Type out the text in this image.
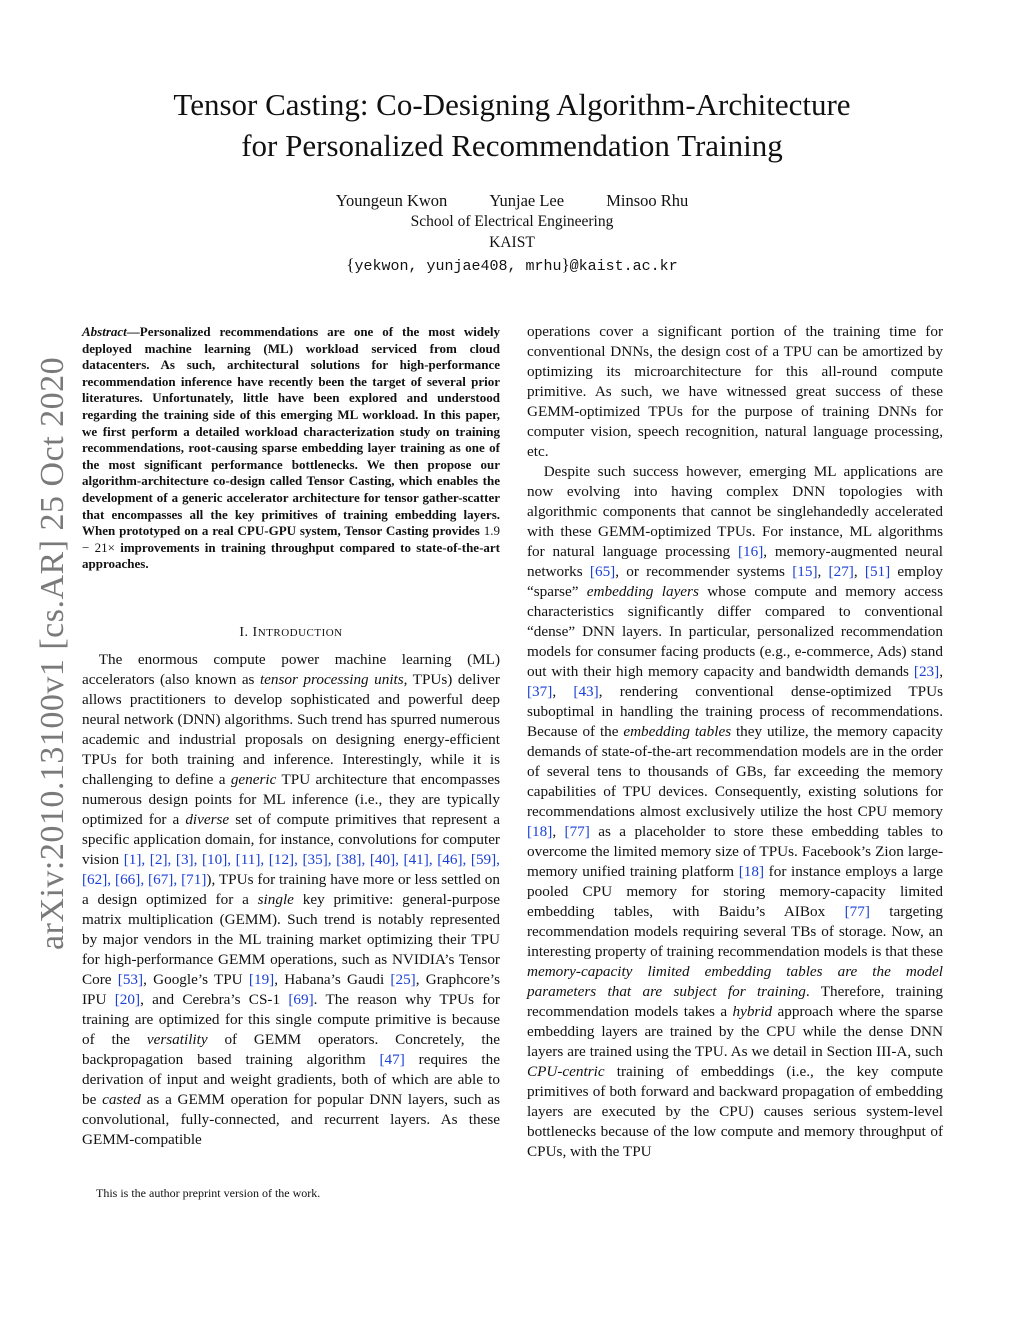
Tensor Casting: Co-Designing Algorithm-Architecture
for Personalized Recommendation Training
Youngeun Kwon	Yunjae Lee	Minsoo Rhu
School of Electrical Engineering
KAIST
{yekwon, yunjae408, mrhu}@kaist.ac.kr
arXiv:2010.13100v1 [cs.AR] 25 Oct 2020
Abstract—Personalized recommendations are one of the most widely deployed machine learning (ML) workload serviced from cloud datacenters. As such, architectural solutions for high-performance recommendation inference have recently been the target of several prior literatures. Unfortunately, little have been explored and understood regarding the training side of this emerging ML workload. In this paper, we first perform a detailed workload characterization study on training recommendations, root-causing sparse embedding layer training as one of the most significant performance bottlenecks. We then propose our algorithm-architecture co-design called Tensor Casting, which enables the development of a generic accelerator architecture for tensor gather-scatter that encompasses all the key primitives of training embedding layers. When prototyped on a real CPU-GPU system, Tensor Casting provides 1.9 − 21× improvements in training throughput compared to state-of-the-art approaches.
I. INTRODUCTION

The enormous compute power machine learning (ML) accelerators (also known as tensor processing units, TPUs) deliver allows practitioners to develop sophisticated and powerful deep neural network (DNN) algorithms. Such trend has spurred numerous academic and industrial proposals on designing energy-efficient TPUs for both training and inference. Interestingly, while it is challenging to define a generic TPU architecture that encompasses numerous design points for ML inference (i.e., they are typically optimized for a diverse set of compute primitives that represent a specific application domain, for instance, convolutions for computer vision [1], [2], [3], [10], [11], [12], [35], [38], [40], [41], [46], [59], [62], [66], [67], [71]), TPUs for training have more or less settled on a design optimized for a single key primitive: general-purpose matrix multiplication (GEMM). Such trend is notably represented by major vendors in the ML training market optimizing their TPU for high-performance GEMM operations, such as NVIDIA’s Tensor Core [53], Google’s TPU [19], Habana’s Gaudi [25], Graphcore’s IPU [20], and Cerebra’s CS-1 [69]. The reason why TPUs for training are optimized for this single compute primitive is because of the versatility of GEMM operators. Concretely, the backpropagation based training algorithm [47] requires the derivation of input and weight gradients, both of which are able to be casted as a GEMM operation for popular DNN layers, such as convolutional, fully-connected, and recurrent layers. As these GEMM-compatible

This is the author preprint version of the work.

operations cover a significant portion of the training time for conventional DNNs, the design cost of a TPU can be amortized by optimizing its microarchitecture for this all-round compute primitive. As such, we have witnessed great success of these GEMM-optimized TPUs for the purpose of training DNNs for computer vision, speech recognition, natural language processing, etc.

Despite such success however, emerging ML applications are now evolving into having complex DNN topologies with algorithmic components that cannot be singlehandedly accelerated with these GEMM-optimized TPUs. For instance, ML algorithms for natural language processing [16], memory-augmented neural networks [65], or recommender systems [15], [27], [51] employ “sparse” embedding layers whose compute and memory access characteristics significantly differ compared to conventional “dense” DNN layers. In particular, personalized recommendation models for consumer facing products (e.g., e-commerce, Ads) stand out with their high memory capacity and bandwidth demands [23], [37], [43], rendering conventional dense-optimized TPUs suboptimal in handling the training process of recommendations. Because of the embedding tables they utilize, the memory capacity demands of state-of-the-art recommendation models are in the order of several tens to thousands of GBs, far exceeding the memory capabilities of TPU devices. Consequently, existing solutions for recommendations almost exclusively utilize the host CPU memory [18], [77] as a placeholder to store these embedding tables to overcome the limited memory size of TPUs. Facebook’s Zion large-memory unified training platform [18] for instance employs a large pooled CPU memory for storing memory-capacity limited embedding tables, with Baidu’s AIBox [77] targeting recommendation models requiring several TBs of storage. Now, an interesting property of training recommendation models is that these memory-capacity limited embedding tables are the model parameters that are subject for training. Therefore, training recommendation models takes a hybrid approach where the sparse embedding layers are trained by the CPU while the dense DNN layers are trained using the TPU. As we detail in Section III-A, such CPU-centric training of embeddings (i.e., the key compute primitives of both forward and backward propagation of embedding layers are executed by the CPU) causes serious system-level bottlenecks because of the low compute and memory throughput of CPUs, with the TPU
